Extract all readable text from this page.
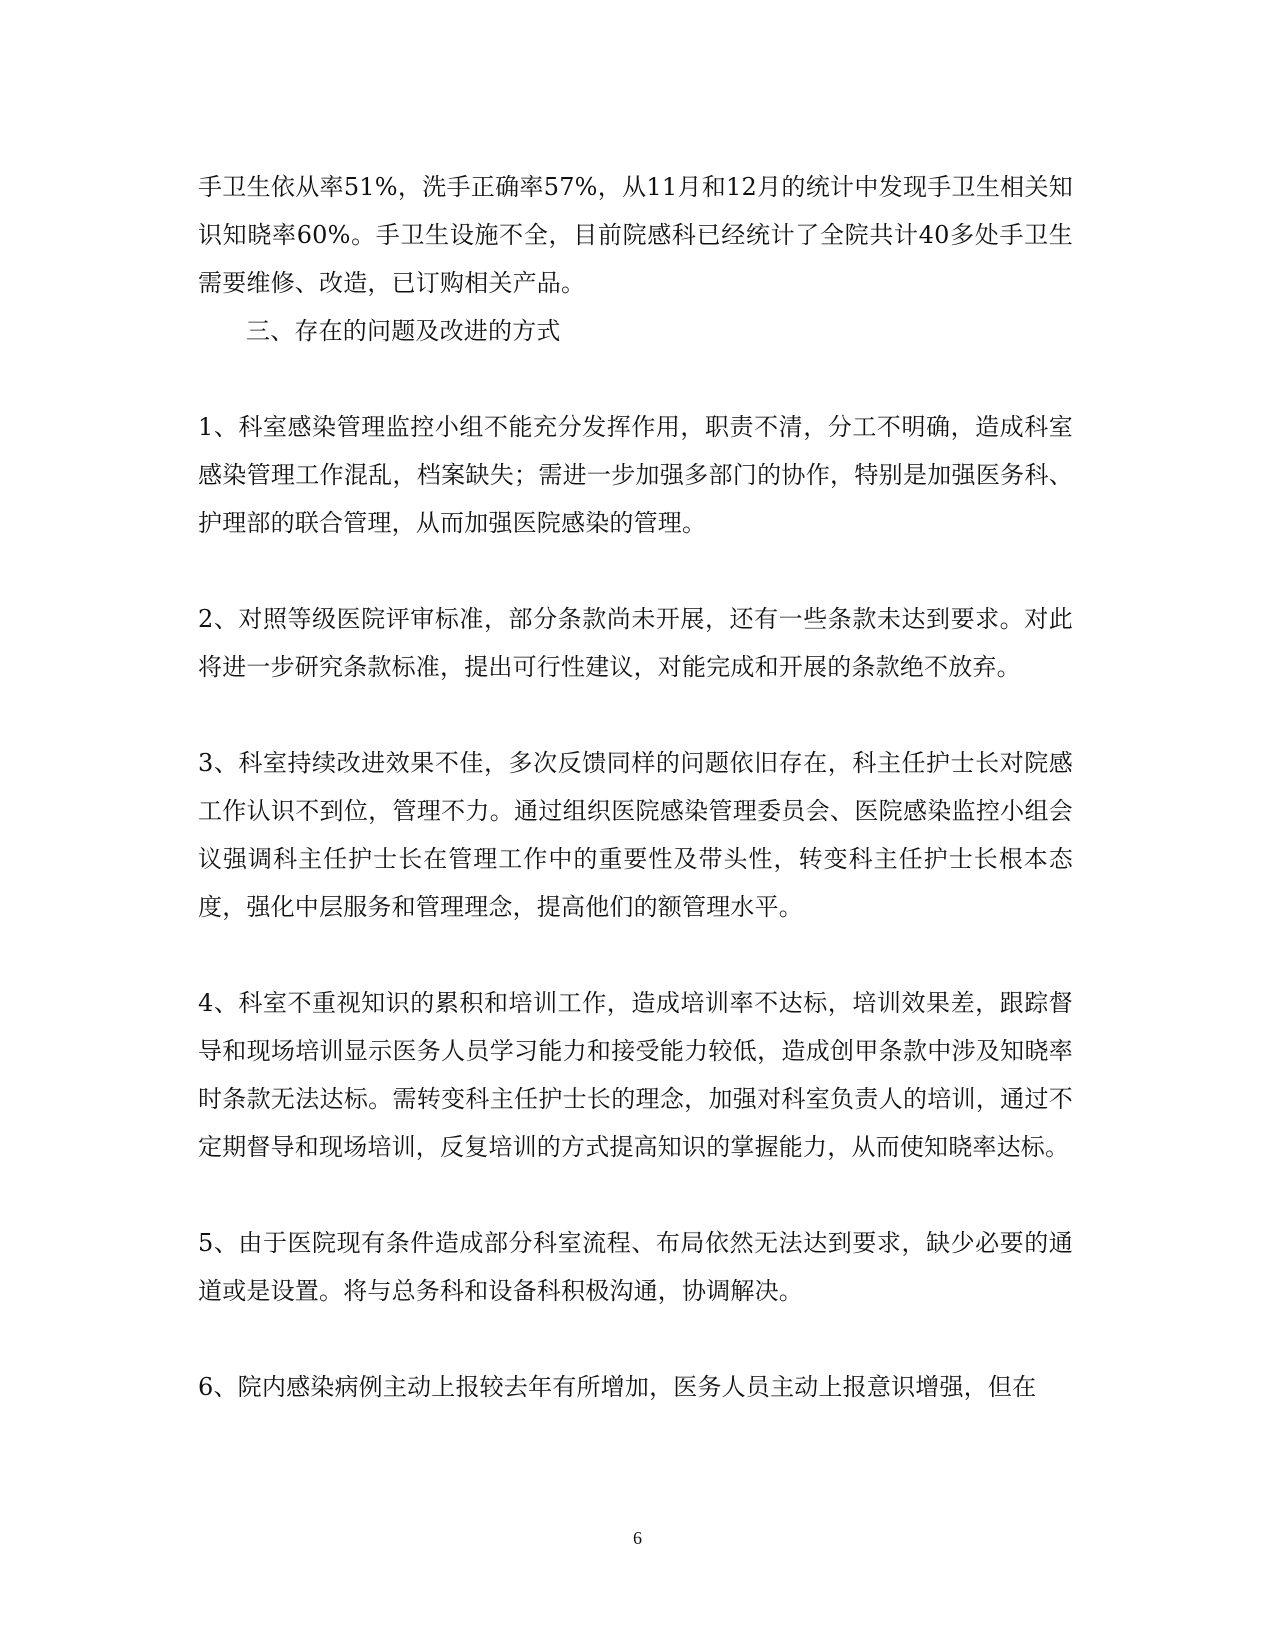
手卫生依从率51%，洗手正确率57%，从11月和12月的统计中发现手卫生相关知识知晓率60%。手卫生设施不全，目前院感科已经统计了全院共计40多处手卫生需要维修、改造，已订购相关产品。

三、存在的问题及改进的方式

1、科室感染管理监控小组不能充分发挥作用，职责不清，分工不明确，造成科室感染管理工作混乱，档案缺失；需进一步加强多部门的协作，特别是加强医务科、护理部的联合管理，从而加强医院感染的管理。

2、对照等级医院评审标准，部分条款尚未开展，还有一些条款未达到要求。对此将进一步研究条款标准，提出可行性建议，对能完成和开展的条款绝不放弃。

3、科室持续改进效果不佳，多次反馈同样的问题依旧存在，科主任护士长对院感工作认识不到位，管理不力。通过组织医院感染管理委员会、医院感染监控小组会议强调科主任护士长在管理工作中的重要性及带头性，转变科主任护士长根本态度，强化中层服务和管理理念，提高他们的额管理水平。

4、科室不重视知识的累积和培训工作，造成培训率不达标，培训效果差，跟踪督导和现场培训显示医务人员学习能力和接受能力较低，造成创甲条款中涉及知晓率时条款无法达标。需转变科主任护士长的理念，加强对科室负责人的培训，通过不定期督导和现场培训，反复培训的方式提高知识的掌握能力，从而使知晓率达标。

5、由于医院现有条件造成部分科室流程、布局依然无法达到要求，缺少必要的通道或是设置。将与总务科和设备科积极沟通，协调解决。

6、院内感染病例主动上报较去年有所增加，医务人员主动上报意识增强，但在

6
